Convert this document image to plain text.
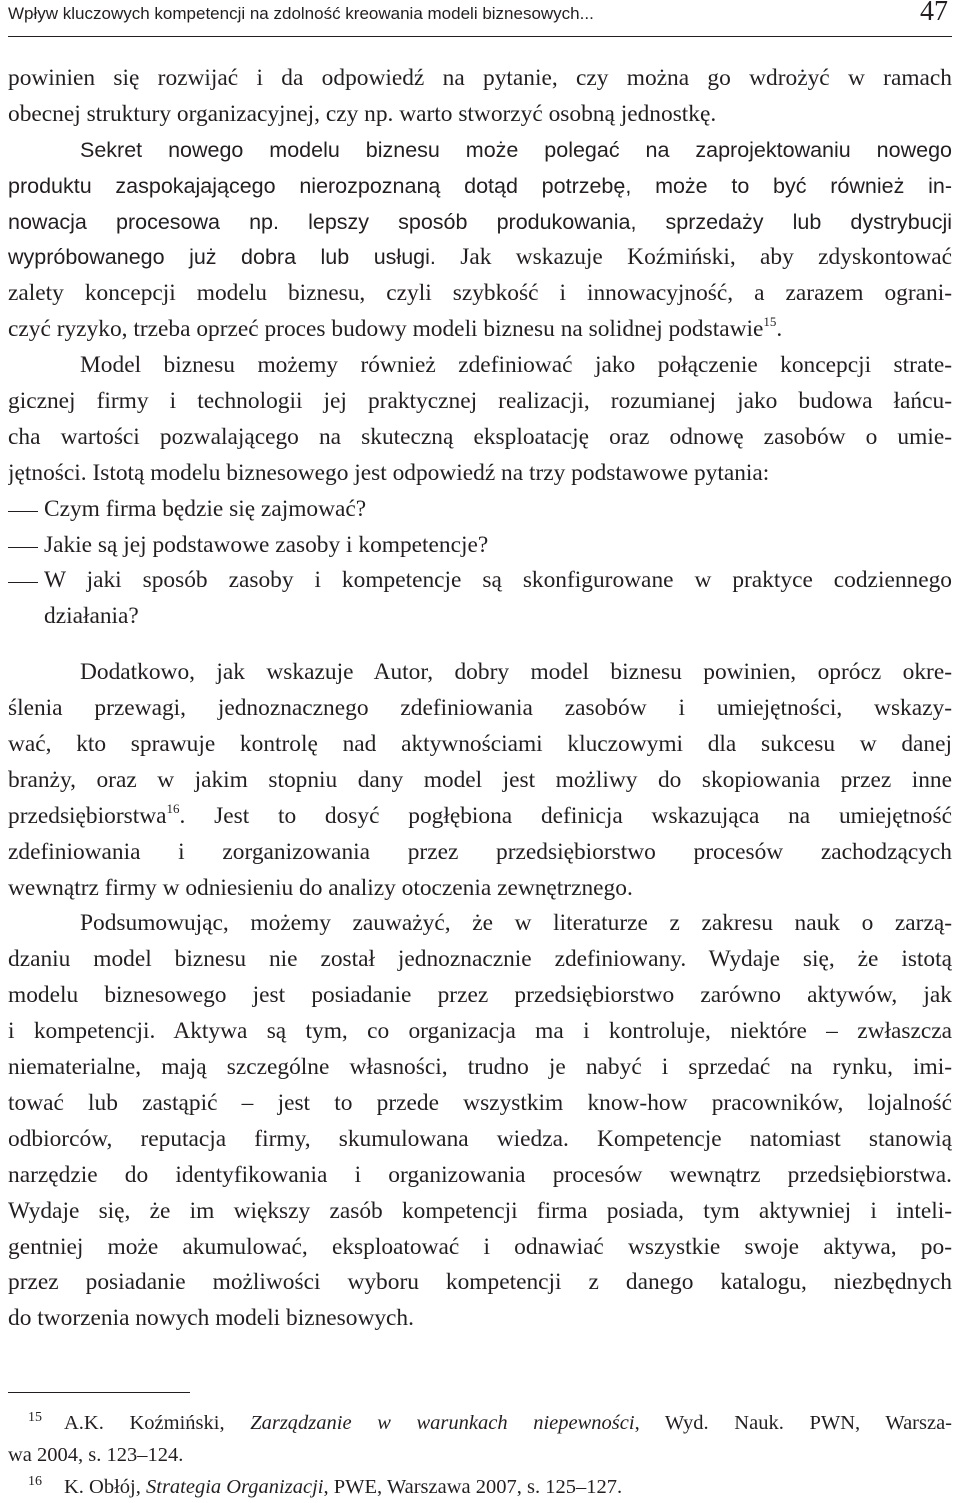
Wpływ kluczowych kompetencji na zdolność kreowania modeli biznesowych...	47
powinien się rozwijać i da odpowiedź na pytanie, czy można go wdrożyć w ramach
obecnej struktury organizacyjnej, czy np. warto stworzyć osobną jednostkę.
Sekret nowego modelu biznesu może polegać na zaprojektowaniu nowego
produktu zaspokajającego nierozpoznaną dotąd potrzebę, może to być również in-
nowacja procesowa np. lepszy sposób produkowania, sprzedaży lub dystrybucji
wypróbowanego już dobra lub usługi. Jak wskazuje Koźmiński, aby zdyskontować
zalety koncepcji modelu biznesu, czyli szybkość i innowacyjność, a zarazem ograni-
czyć ryzyko, trzeba oprzeć proces budowy modeli biznesu na solidnej podstawie$^{15}$.
Model biznesu możemy również zdefiniować jako połączenie koncepcji strate-
gicznej firmy i technologii jej praktycznej realizacji, rozumianej jako budowa łańcu-
cha wartości pozwalającego na skuteczną eksploatację oraz odnowę zasobów o umie-
jętności. Istotą modelu biznesowego jest odpowiedź na trzy podstawowe pytania:
Czym firma będzie się zajmować?
Jakie są jej podstawowe zasoby i kompetencje?
W jaki sposób zasoby i kompetencje są skonfigurowane w praktyce codziennego
działania?
Dodatkowo, jak wskazuje Autor, dobry model biznesu powinien, oprócz okre-
ślenia przewagi, jednoznacznego zdefiniowania zasobów i umiejętności, wskazy-
wać, kto sprawuje kontrolę nad aktywnościami kluczowymi dla sukcesu w danej
branży, oraz w jakim stopniu dany model jest możliwy do skopiowania przez inne
przedsiębiorstwa$^{16}$. Jest to dosyć pogłębiona definicja wskazująca na umiejętność
zdefiniowania i zorganizowania przez przedsiębiorstwo procesów zachodzących
wewnątrz firmy w odniesieniu do analizy otoczenia zewnętrznego.
Podsumowując, możemy zauważyć, że w literaturze z zakresu nauk o zarzą-
dzaniu model biznesu nie został jednoznacznie zdefiniowany. Wydaje się, że istotą
modelu biznesowego jest posiadanie przez przedsiębiorstwo zarówno aktywów, jak
i kompetencji. Aktywa są tym, co organizacja ma i kontroluje, niektóre – zwłaszcza
niematerialne, mają szczególne własności, trudno je nabyć i sprzedać na rynku, imi-
tować lub zastąpić – jest to przede wszystkim know-how pracowników, lojalność
odbiorców, reputacja firmy, skumulowana wiedza. Kompetencje natomiast stanowią
narzędzie do identyfikowania i organizowania procesów wewnątrz przedsiębiorstwa.
Wydaje się, że im większy zasób kompetencji firma posiada, tym aktywniej i inteli-
gentniej może akumulować, eksploatować i odnawiać wszystkie swoje aktywa, po-
przez posiadanie możliwości wyboru kompetencji z danego katalogu, niezbędnych
do tworzenia nowych modeli biznesowych.
$^{15}$ A.K. Koźmiński, Zarządzanie w warunkach niepewności, Wyd. Nauk. PWN, Warsza-
wa 2004, s. 123–124.
$^{16}$ K. Obłój, Strategia Organizacji, PWE, Warszawa 2007, s. 125–127.
